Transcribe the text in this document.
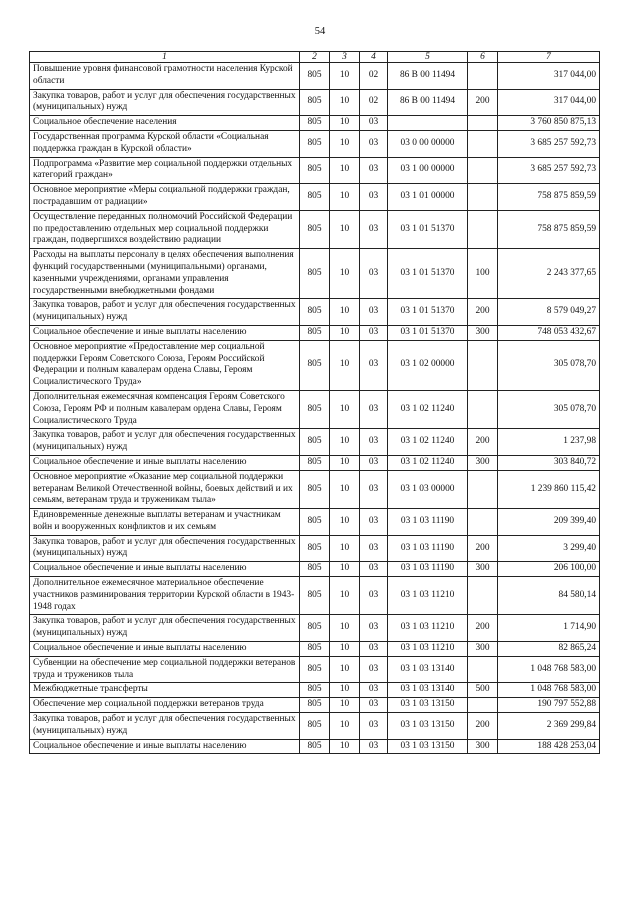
54
1	2	3	4	5	6	7
Повышение уровня финансовой грамотности населения Курской области	805	10	02	86 В 00 11494		317 044,00
Закупка товаров, работ и услуг для обеспечения государственных (муниципальных) нужд	805	10	02	86 В 00 11494	200	317 044,00
Социальное обеспечение населения	805	10	03			3 760 850 875,13
Государственная программа Курской области «Социальная поддержка граждан в Курской области»	805	10	03	03 0 00 00000		3 685 257 592,73
Подпрограмма «Развитие мер социальной поддержки отдельных категорий граждан»	805	10	03	03 1 00 00000		3 685 257 592,73
Основное мероприятие «Меры социальной поддержки граждан, пострадавшим от радиации»	805	10	03	03 1 01 00000		758 875 859,59
Осуществление переданных полномочий Российской Федерации по предоставлению отдельных мер социальной поддержки граждан, подвергшихся воздействию радиации	805	10	03	03 1 01 51370		758 875 859,59
Расходы на выплаты персоналу в целях обеспечения выполнения функций государственными (муниципальными) органами, казенными учреждениями, органами управления государственными внебюджетными фондами	805	10	03	03 1 01 51370	100	2 243 377,65
Закупка товаров, работ и услуг для обеспечения государственных (муниципальных) нужд	805	10	03	03 1 01 51370	200	8 579 049,27
Социальное обеспечение и иные выплаты населению	805	10	03	03 1 01 51370	300	748 053 432,67
Основное мероприятие «Предоставление мер социальной поддержки Героям Советского Союза, Героям Российской Федерации и полным кавалерам ордена Славы, Героям Социалистического Труда»	805	10	03	03 1 02 00000		305 078,70
Дополнительная ежемесячная компенсация Героям Советского Союза, Героям РФ и полным кавалерам ордена Славы, Героям Социалистического Труда	805	10	03	03 1 02 11240		305 078,70
Закупка товаров, работ и услуг для обеспечения государственных (муниципальных) нужд	805	10	03	03 1 02 11240	200	1 237,98
Социальное обеспечение и иные выплаты населению	805	10	03	03 1 02 11240	300	303 840,72
Основное мероприятие «Оказание мер социальной поддержки ветеранам Великой Отечественной войны, боевых действий и их семьям, ветеранам труда и труженикам тыла»	805	10	03	03 1 03 00000		1 239 860 115,42
Единовременные денежные выплаты ветеранам и участникам войн и вооруженных конфликтов и их семьям	805	10	03	03 1 03 11190		209 399,40
Закупка товаров, работ и услуг для обеспечения государственных (муниципальных) нужд	805	10	03	03 1 03 11190	200	3 299,40
Социальное обеспечение и иные выплаты населению	805	10	03	03 1 03 11190	300	206 100,00
Дополнительное ежемесячное материальное обеспечение участников разминирования территории Курской области в 1943-1948 годах	805	10	03	03 1 03 11210		84 580,14
Закупка товаров, работ и услуг для обеспечения государственных (муниципальных) нужд	805	10	03	03 1 03 11210	200	1 714,90
Социальное обеспечение и иные выплаты населению	805	10	03	03 1 03 11210	300	82 865,24
Субвенции на обеспечение мер социальной поддержки ветеранов труда и тружеников тыла	805	10	03	03 1 03 13140		1 048 768 583,00
Межбюджетные трансферты	805	10	03	03 1 03 13140	500	1 048 768 583,00
Обеспечение мер социальной поддержки ветеранов труда	805	10	03	03 1 03 13150		190 797 552,88
Закупка товаров, работ и услуг для обеспечения государственных (муниципальных) нужд	805	10	03	03 1 03 13150	200	2 369 299,84
Социальное обеспечение и иные выплаты населению	805	10	03	03 1 03 13150	300	188 428 253,04
